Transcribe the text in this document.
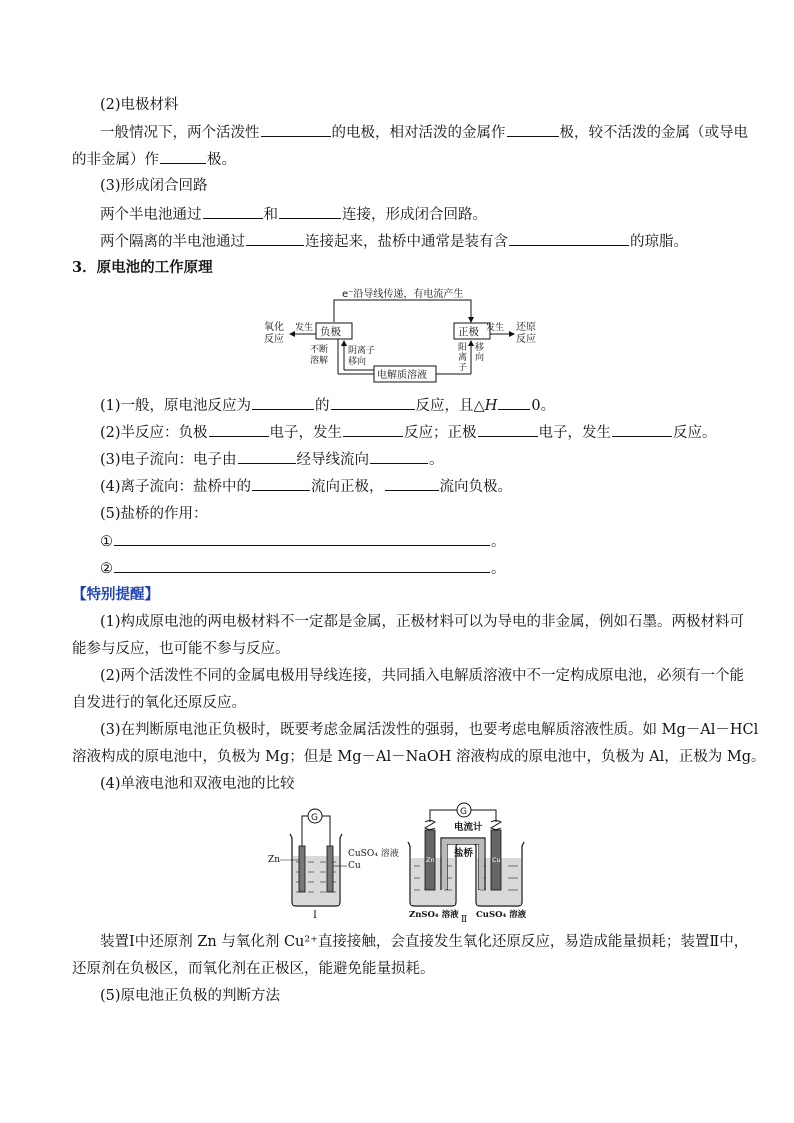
(2)电极材料
一般情况下，两个活泼性	的电极，相对活泼的金属作	极，较不活泼的金属（或导电
的非金属）作	极。
(3)形成闭合回路
两个半电池通过	和	连接，形成闭合回路。
两个隔离的半电池通过	连接起来，盐桥中通常是装有含	的琼脂。
3．原电池的工作原理
e⁻沿导线传递，有电流产生
负极	正极
氧化
反应
发生	发生 还原
反应
电解质溶液
不断
溶解
阴离子
移向
阳
离
子
移
向
(1)一般，原电池反应为	的	反应，且△H 0。
(2)半反应：负极	电子，发生	反应；正极	电子，发生	反应。
(3)电子流向：电子由	经导线流向	。
(4)离子流向：盐桥中的	流向正极，	流向负极。
(5)盐桥的作用：
①	。
②	。
【特别提醒】
(1)构成原电池的两电极材料不一定都是金属，正极材料可以为导电的非金属，例如石墨。两极材料可
能参与反应，也可能不参与反应。
(2)两个活泼性不同的金属电极用导线连接，共同插入电解质溶液中不一定构成原电池，必须有一个能
自发进行的氧化还原反应。
(3)在判断原电池正负极时，既要考虑金属活泼性的强弱，也要考虑电解质溶液性质。如 Mg－Al－HCl
溶液构成的原电池中，负极为 Mg；但是 Mg－Al－NaOH 溶液构成的原电池中，负极为 Al，正极为 Mg。
(4)单液电池和双液电池的比较
G
Zn
CuSO₄ 溶液
Cu
Ⅰ
G
电流计
Zn	Cu
盐桥
ZnSO₄ 溶液 CuSO₄ 溶液
Ⅱ
装置Ⅰ中还原剂 Zn 与氧化剂 Cu²⁺直接接触，会直接发生氧化还原反应，易造成能量损耗；装置Ⅱ中，
还原剂在负极区，而氧化剂在正极区，能避免能量损耗。
(5)原电池正负极的判断方法
